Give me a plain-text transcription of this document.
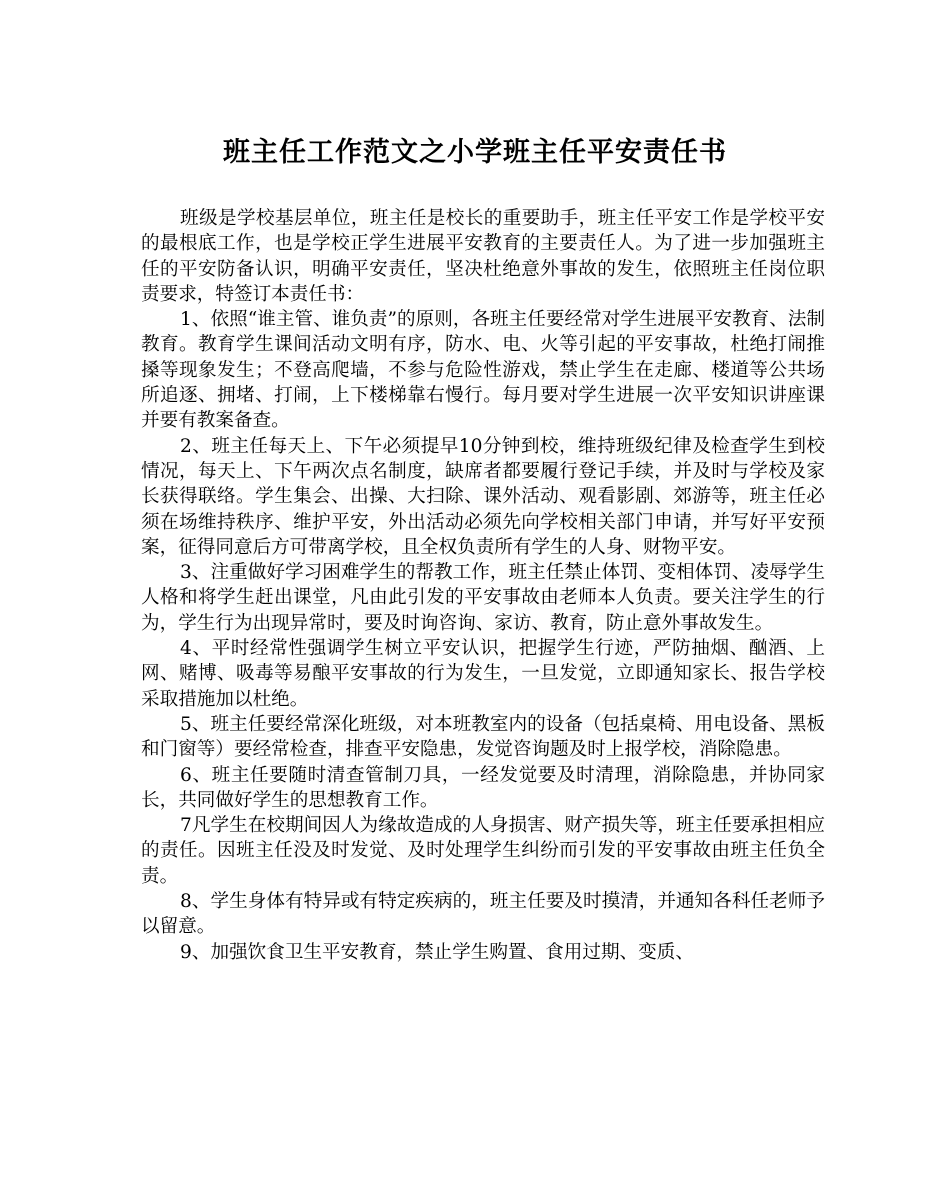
班主任工作范文之小学班主任平安责任书

班级是学校基层单位，班主任是校长的重要助手，班主任平安工作是学校平安的最根底工作，也是学校正学生进展平安教育的主要责任人。为了进一步加强班主任的平安防备认识，明确平安责任，坚决杜绝意外事故的发生，依照班主任岗位职责要求，特签订本责任书：

1、依照“谁主管、谁负责”的原则，各班主任要经常对学生进展平安教育、法制教育。教育学生课间活动文明有序，防水、电、火等引起的平安事故，杜绝打闹推搡等现象发生；不登高爬墙，不参与危险性游戏，禁止学生在走廊、楼道等公共场所追逐、拥堵、打闹，上下楼梯靠右慢行。每月要对学生进展一次平安知识讲座课并要有教案备查。

2、班主任每天上、下午必须提早10分钟到校，维持班级纪律及检查学生到校情况，每天上、下午两次点名制度，缺席者都要履行登记手续，并及时与学校及家长获得联络。学生集会、出操、大扫除、课外活动、观看影剧、郊游等，班主任必须在场维持秩序、维护平安，外出活动必须先向学校相关部门申请，并写好平安预案，征得同意后方可带离学校，且全权负责所有学生的人身、财物平安。

3、注重做好学习困难学生的帮教工作，班主任禁止体罚、变相体罚、凌辱学生人格和将学生赶出课堂，凡由此引发的平安事故由老师本人负责。要关注学生的行为，学生行为出现异常时，要及时询咨询、家访、教育，防止意外事故发生。

4、平时经常性强调学生树立平安认识，把握学生行迹，严防抽烟、酗酒、上网、赌博、吸毒等易酿平安事故的行为发生，一旦发觉，立即通知家长、报告学校采取措施加以杜绝。

5、班主任要经常深化班级，对本班教室内的设备（包括桌椅、用电设备、黑板和门窗等）要经常检查，排查平安隐患，发觉咨询题及时上报学校，消除隐患。

6、班主任要随时清查管制刀具，一经发觉要及时清理，消除隐患，并协同家长，共同做好学生的思想教育工作。

7凡学生在校期间因人为缘故造成的人身损害、财产损失等，班主任要承担相应的责任。因班主任没及时发觉、及时处理学生纠纷而引发的平安事故由班主任负全责。

8、学生身体有特异或有特定疾病的，班主任要及时摸清，并通知各科任老师予以留意。

9、加强饮食卫生平安教育，禁止学生购置、食用过期、变质、
